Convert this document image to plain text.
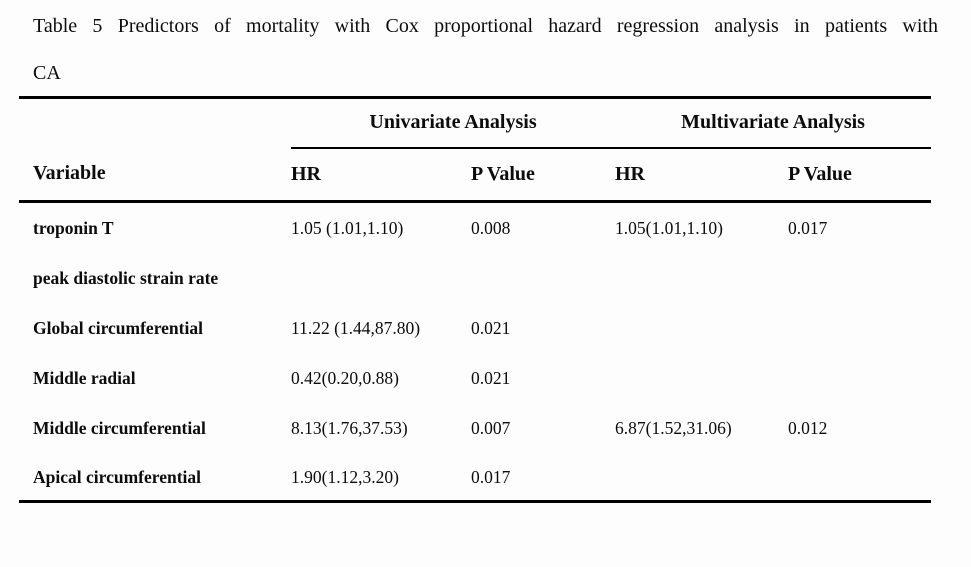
Table 5 Predictors of mortality with Cox proportional hazard regression analysis in patients with
CA
	Univariate Analysis		Multivariate Analysis	
Variable	HR	P Value	HR	P Value
troponin T	1.05 (1.01,1.10)	0.008	1.05(1.01,1.10)	0.017
peak diastolic strain rate				
Global circumferential	11.22 (1.44,87.80)	0.021		
Middle radial	0.42(0.20,0.88)	0.021		
Middle circumferential	8.13(1.76,37.53)	0.007	6.87(1.52,31.06)	0.012
Apical circumferential	1.90(1.12,3.20)	0.017		
